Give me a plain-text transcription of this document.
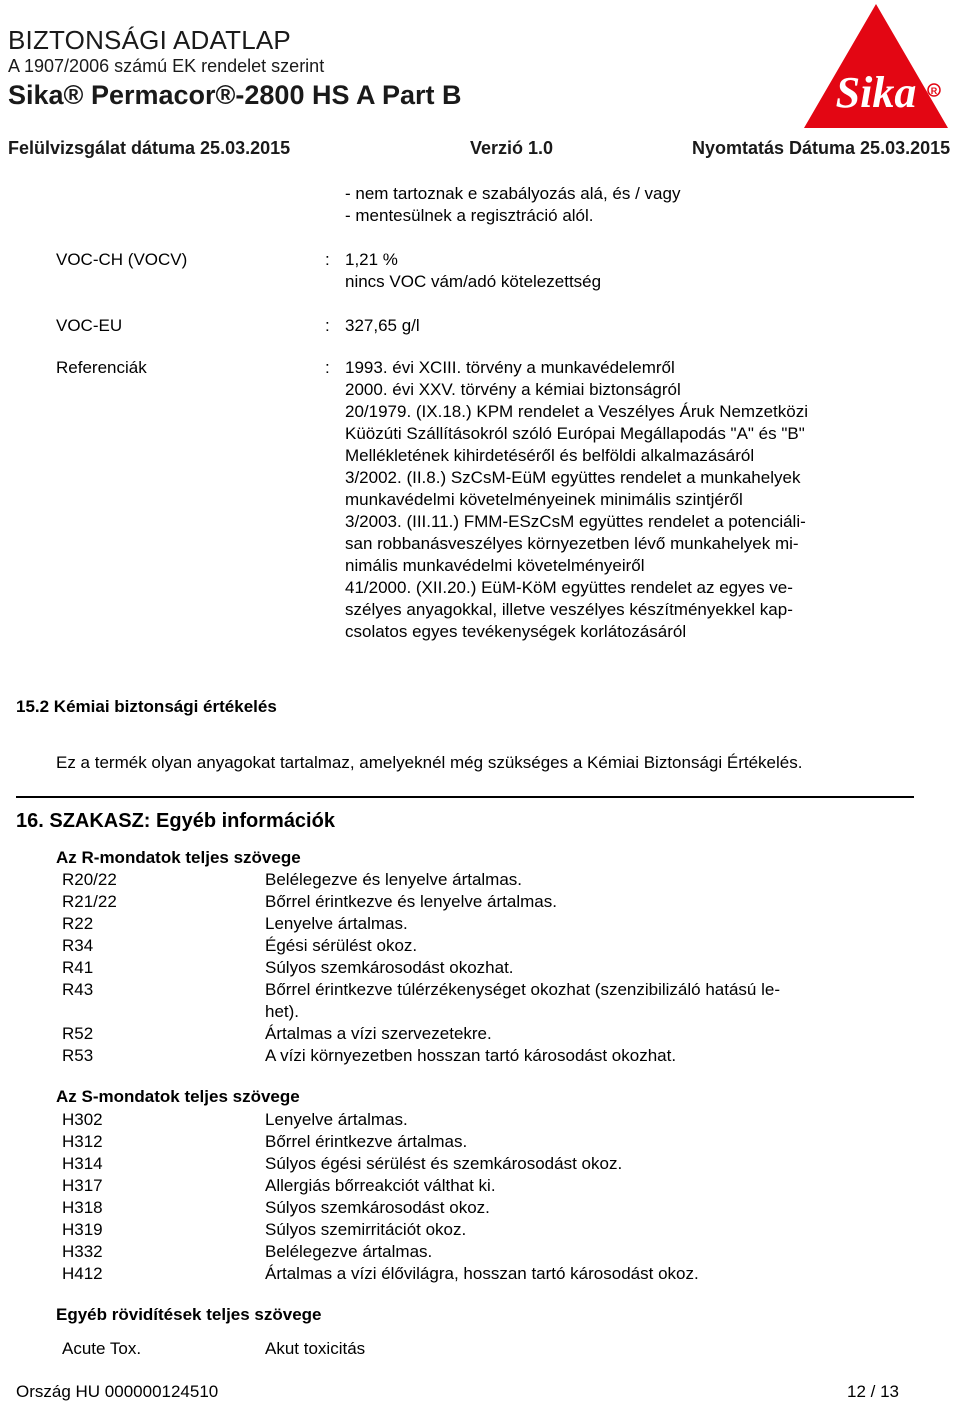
BIZTONSÁGI ADATLAP
A 1907/2006 számú EK rendelet szerint
Sika® Permacor®-2800 HS A Part B
Felülvizsgálat dátuma 25.03.2015	Verzió 1.0	Nyomtatás Dátuma 25.03.2015
Sika R
- nem tartoznak e szabályozás alá, és / vagy
- mentesülnek a regisztráció alól.
VOC-CH (VOCV)	: 1,21 %
nincs VOC vám/adó kötelezettség
VOC-EU	: 327,65 g/l
Referenciák	: 1993. évi XCIII. törvény a munkavédelemről
2000. évi XXV. törvény a kémiai biztonságról
20/1979. (IX.18.) KPM rendelet a Veszélyes Áruk Nemzetközi
Küözúti Szállításokról szóló Európai Megállapodás "A" és "B"
Mellékletének kihirdetéséről és belföldi alkalmazásáról
3/2002. (II.8.) SzCsM-EüM együttes rendelet a munkahelyek
munkavédelmi követelményeinek minimális szintjéről
3/2003. (III.11.) FMM-ESzCsM együttes rendelet a potenciáli-
san robbanásveszélyes környezetben lévő munkahelyek mi-
nimális munkavédelmi követelményeiről
41/2000. (XII.20.) EüM-KöM együttes rendelet az egyes ve-
szélyes anyagokkal, illetve veszélyes készítményekkel kap-
csolatos egyes tevékenységek korlátozásáról
15.2 Kémiai biztonsági értékelés
Ez a termék olyan anyagokat tartalmaz, amelyeknél még szükséges a Kémiai Biztonsági Értékelés.
16. SZAKASZ: Egyéb információk
Az R-mondatok teljes szövege
R20/22	Belélegezve és lenyelve ártalmas.
R21/22	Bőrrel érintkezve és lenyelve ártalmas.
R22	Lenyelve ártalmas.
R34	Égési sérülést okoz.
R41	Súlyos szemkárosodást okozhat.
R43	Bőrrel érintkezve túlérzékenységet okozhat (szenzibilizáló hatású le-
het).
R52	Ártalmas a vízi szervezetekre.
R53	A vízi környezetben hosszan tartó károsodást okozhat.
Az S-mondatok teljes szövege
H302	Lenyelve ártalmas.
H312	Bőrrel érintkezve ártalmas.
H314	Súlyos égési sérülést és szemkárosodást okoz.
H317	Allergiás bőrreakciót válthat ki.
H318	Súlyos szemkárosodást okoz.
H319	Súlyos szemirritációt okoz.
H332	Belélegezve ártalmas.
H412	Ártalmas a vízi élővilágra, hosszan tartó károsodást okoz.
Egyéb rövidítések teljes szövege
Acute Tox.	Akut toxicitás
Ország HU 000000124510	12 / 13
